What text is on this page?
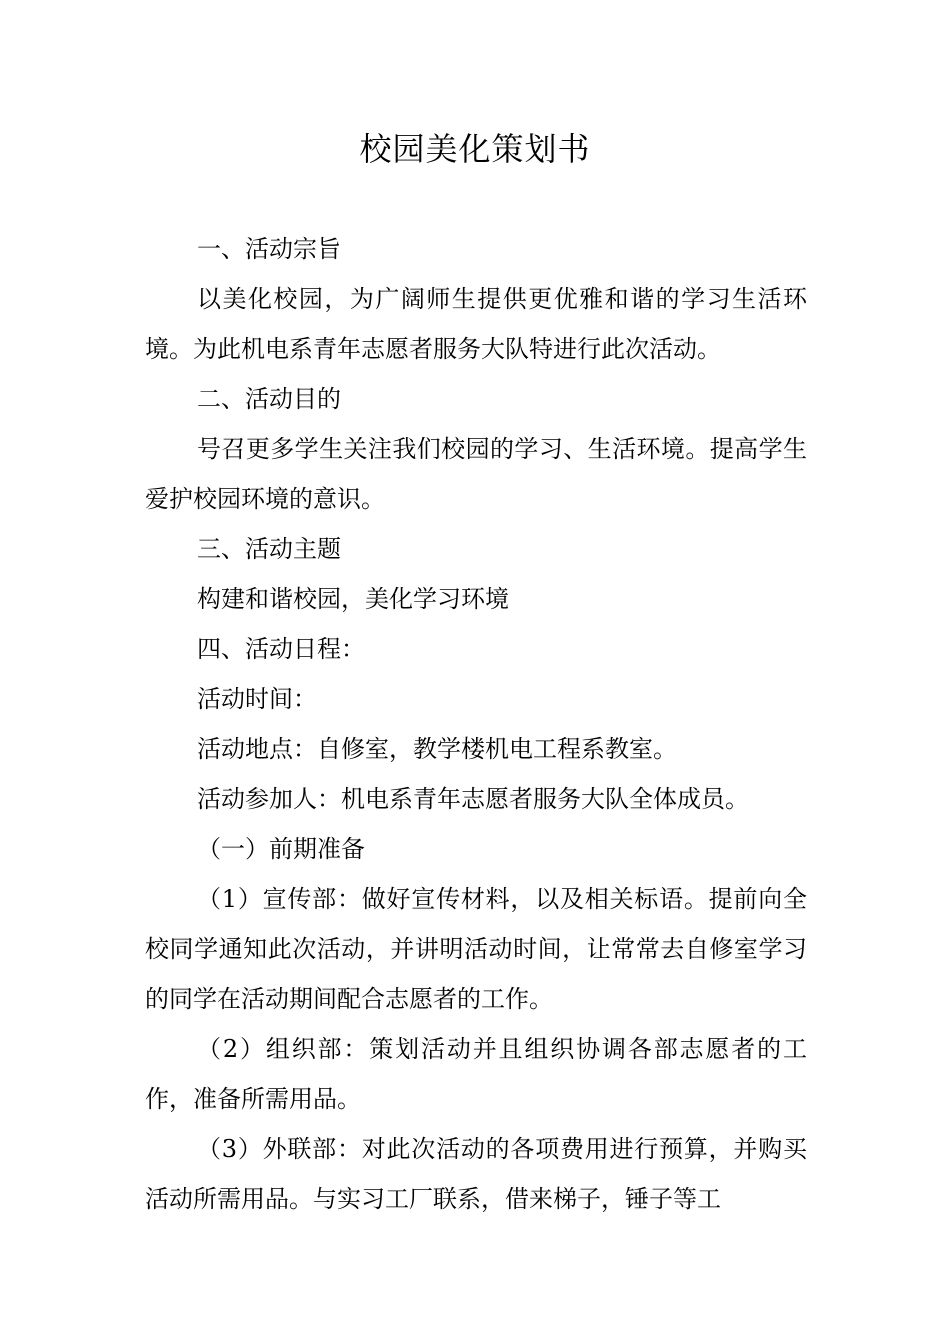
校园美化策划书

一、活动宗旨

以美化校园，为广阔师生提供更优雅和谐的学习生活环境。为此机电系青年志愿者服务大队特进行此次活动。

二、活动目的

号召更多学生关注我们校园的学习、生活环境。提高学生爱护校园环境的意识。

三、活动主题

构建和谐校园，美化学习环境

四、活动日程：

活动时间：

活动地点：自修室，教学楼机电工程系教室。

活动参加人：机电系青年志愿者服务大队全体成员。

（一）前期准备

（1）宣传部：做好宣传材料，以及相关标语。提前向全校同学通知此次活动，并讲明活动时间，让常常去自修室学习的同学在活动期间配合志愿者的工作。

（2）组织部：策划活动并且组织协调各部志愿者的工作，准备所需用品。

（3）外联部：对此次活动的各项费用进行预算，并购买活动所需用品。与实习工厂联系，借来梯子，锤子等工
